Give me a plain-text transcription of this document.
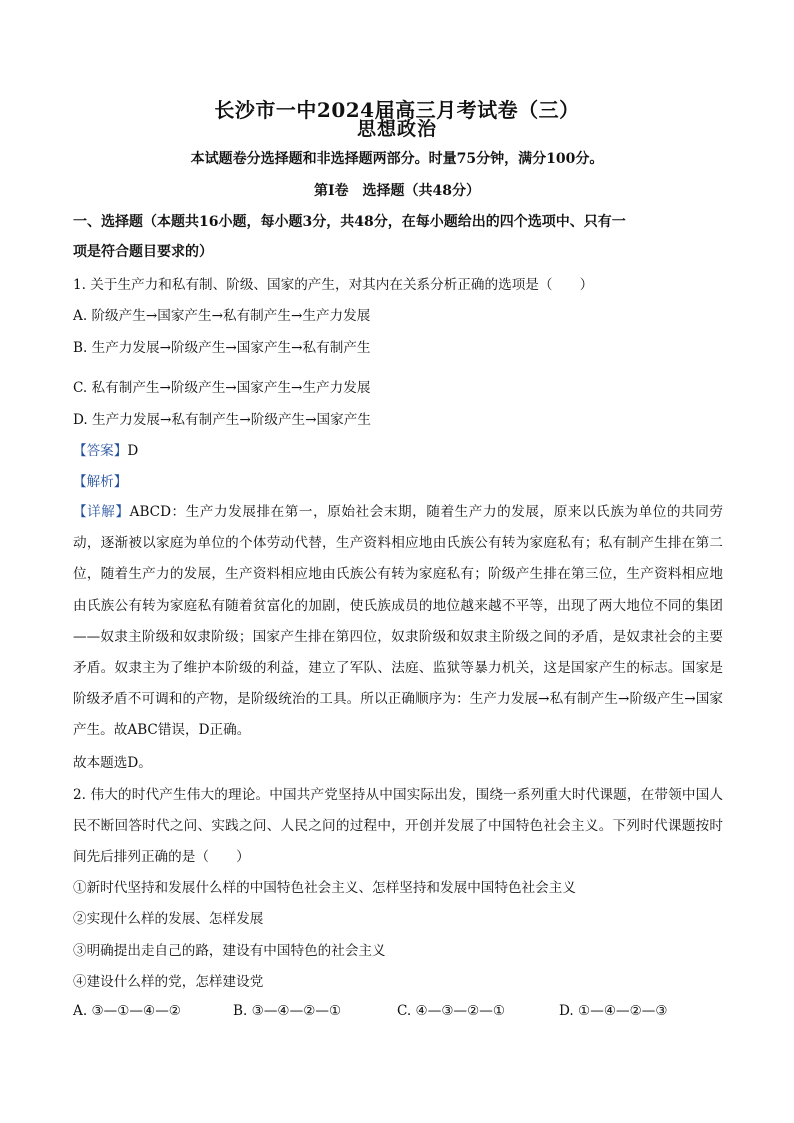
长沙市一中2024届高三月考试卷（三）
思想政治
本试题卷分选择题和非选择题两部分。时量75分钟，满分100分。
第Ⅰ卷　选择题（共48分）
一、选择题（本题共16小题，每小题3分，共48分，在每小题给出的四个选项中、只有一
项是符合题目要求的）
1. 关于生产力和私有制、阶级、国家的产生，对其内在关系分析正确的选项是（　　）
A. 阶级产生→国家产生→私有制产生→生产力发展
B. 生产力发展→阶级产生→国家产生→私有制产生
C. 私有制产生→阶级产生→国家产生→生产力发展
D. 生产力发展→私有制产生→阶级产生→国家产生
【答案】D
【解析】
【详解】ABCD：生产力发展排在第一，原始社会末期，随着生产力的发展，原来以氏族为单位的共同劳动，逐渐被以家庭为单位的个体劳动代替，生产资料相应地由氏族公有转为家庭私有；私有制产生排在第二位，随着生产力的发展，生产资料相应地由氏族公有转为家庭私有；阶级产生排在第三位，生产资料相应地由氏族公有转为家庭私有随着贫富化的加剧，使氏族成员的地位越来越不平等，出现了两大地位不同的集团——奴隶主阶级和奴隶阶级；国家产生排在第四位，奴隶阶级和奴隶主阶级之间的矛盾，是奴隶社会的主要矛盾。奴隶主为了维护本阶级的利益，建立了军队、法庭、监狱等暴力机关，这是国家产生的标志。国家是阶级矛盾不可调和的产物，是阶级统治的工具。所以正确顺序为：生产力发展→私有制产生→阶级产生→国家产生。故ABC错误，D正确。
故本题选D。
2. 伟大的时代产生伟大的理论。中国共产党坚持从中国实际出发，围绕一系列重大时代课题，在带领中国人民不断回答时代之问、实践之问、人民之问的过程中，开创并发展了中国特色社会主义。下列时代课题按时间先后排列正确的是（　　）
①新时代坚持和发展什么样的中国特色社会主义、怎样坚持和发展中国特色社会主义
②实现什么样的发展、怎样发展
③明确提出走自己的路，建设有中国特色的社会主义
④建设什么样的党，怎样建设党
A. ③—①—④—②	B. ③—④—②—①	C. ④—③—②—①	D. ①—④—②—③
